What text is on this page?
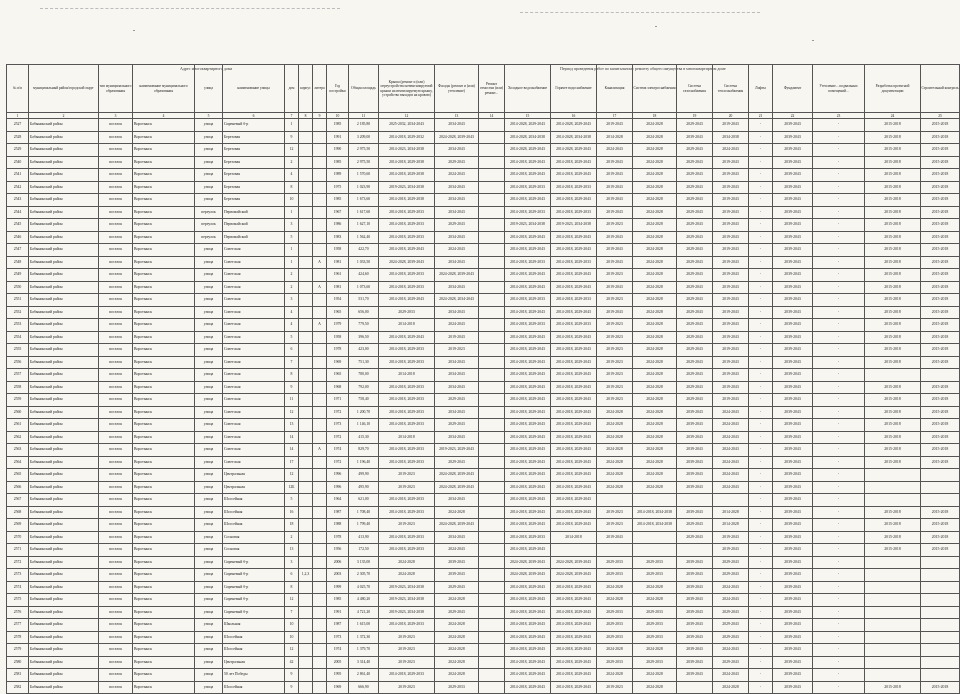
Адрес многоквартирного дома	Период проведения работ по капитальному ремонту общего имущества в многоквартирном доме
№ п/п	муниципальный район/городской округ	тип муниципального образования	наименование муниципального образования	улица	наименование улицы	дом	корпус	литера	Год постройки	Общая площадь	Крыша (ремонт и (или) переустройство невентилируемой крыши на вентилируемую крышу, устройство выходов на кровлю)	Фасады (ремонт и (или) утепление)	Ремонт отмостки (или) ремонт...	Холодное водоснабжение	Горячее водоснабжение	Канализация	Система электроснабжения	Система газоснабжения	Система теплоснабжения	Лифты	Фундамент	Утепление... подвальных помещений...	Разработка проектной документации	Строительный контроль
1	2	3	4	5	6	7	8	9	10	11	12	13	14	15	16	17	18	19	20	21	22	23	24	25
2527	Бабынинский район	поселок	Воротынск	улица	Сиреневый б-р	1			1985	2 185,80	2025-2032, 2034-2043	2034-2043		2014-2028, 2029-2043	2014-2028, 2029-2043	2019-2043	2024-2028	2029-2043	2019-2043	-	2039-2043	-	2015-2018	2015-2018
2528	Бабынинский район	поселок	Воротынск	улица	Березовая	9			1991	3 209,00	2014-2018, 2029-2032	2024-2028, 2039-2043		2014-2028, 2034-2038	2014-2028, 2034-2038	2014-2028	2024-2028	2039-2043	2034-2038	-	2039-2043	-	2015-2018	2015-2018
2529	Бабынинский район	поселок	Воротынск	улица	Березовая	12			1990	2 975,50	2014-2023, 2034-2038	2034-2043		2014-2028, 2029-2043	2014-2028, 2029-2043	2024-2043	2024-2028	2029-2043	2024-2043	-	2039-2043	-	2015-2018	2015-2018
2540	Бабынинский район	поселок	Воротынск	улица	Березовая	2			1985	2 975,50	2014-2018, 2029-2038	2029-2043		2014-2018, 2029-2043	2014-2018, 2029-2043	2019-2043	2024-2028	2029-2043	2019-2043	-	2039-2043	-	2015-2018	2015-2018
2541	Бабынинский район	поселок	Воротынск	улица	Березовая	4			1989	1 570,60	2014-2018, 2029-2038	2024-2043		2014-2018, 2029-2043	2014-2018, 2029-2043	2019-2043	2024-2028	2029-2043	2019-2043	-	2039-2043	-	2015-2018	2015-2018
2542	Бабынинский район	поселок	Воротынск	улица	Березовая	8			1975	1 023,90	2019-2023, 2034-2038	2034-2043		2014-2018, 2029-2033	2014-2018, 2029-2033	2019-2043	2024-2028	2029-2043	2019-2043	-	2039-2043	-	2015-2018	2015-2018
2543	Бабынинский район	поселок	Воротынск	улица	Березовая	10			1985	1 673,60	2014-2018, 2029-2038	2034-2043		2014-2018, 2029-2043	2014-2018, 2029-2043	2019-2043	2024-2028	2029-2043	2019-2043	-	2039-2043	-	2015-2018	2015-2018
2544	Бабынинский район	поселок	Воротынск	переулок	Первомайский	1			1967	1 617,60	2014-2018, 2029-2033	2034-2043		2014-2018, 2029-2033	2014-2018, 2029-2033	2019-2043	2024-2028	2029-2043	2019-2043	-	2039-2043	-	2015-2018	2015-2018
2545	Бабынинский район	поселок	Воротынск	переулок	Первомайский	3			1986	1 627,10	2014-2018, 2029-2033	2029-2043		2019-2023, 2034-2038	2019-2023, 2034-2038	2019-2023	2024-2028	2029-2043	2019-2043	-	2039-2043	-	2015-2018	2015-2018
2546	Бабынинский район	поселок	Воротынск	переулок	Первомайский	5			1983	1 562,40	2014-2018, 2029-2033	2034-2043		2014-2018, 2029-2043	2014-2018, 2029-2043	2019-2043	2024-2028	2029-2043	2019-2043	-	2039-2043	-	2015-2018	2015-2018
2547	Бабынинский район	поселок	Воротынск	улица	Советская	1			1958	422,70	2014-2018, 2029-2043	2024-2043		2014-2018, 2029-2043	2014-2018, 2029-2043	2019-2043	2024-2028	2029-2043	2019-2043	-	2039-2043	-	2015-2018	2015-2018
2548	Бабынинский район	поселок	Воротынск	улица	Советская	1		А	1981	1 033,50	2024-2028, 2039-2043	2034-2043		2014-2018, 2029-2033	2014-2018, 2029-2033	2019-2043	2024-2028	2029-2043	2019-2043	-	2039-2043	-	2015-2018	2015-2018
2549	Бабынинский район	поселок	Воротынск	улица	Советская	2			1961	424,60	2014-2018, 2029-2033	2024-2028, 2039-2043		2014-2018, 2029-2043	2014-2018, 2029-2043	2019-2023	2024-2028	2029-2043	2019-2043	-	2039-2043	-	2015-2018	2015-2018
2550	Бабынинский район	поселок	Воротынск	улица	Советская	2		А	1981	1 073,60	2014-2018, 2029-2033	2034-2043		2014-2018, 2029-2043	2014-2018, 2029-2043	2019-2043	2024-2028	2029-2043	2019-2043	-	2039-2043	-	2015-2018	2015-2018
2551	Бабынинский район	поселок	Воротынск	улица	Советская	3			1954	531,70	2014-2018, 2029-2043	2024-2028, 2034-2043		2014-2018, 2029-2033	2014-2018, 2029-2033	2019-2023	2024-2028	2029-2043	2019-2043	-	2039-2043	-	2015-2018	2015-2018
2552	Бабынинский район	поселок	Воротынск	улица	Советская	4			1965	656,00	2029-2033	2034-2043		2014-2018, 2029-2043	2014-2018, 2029-2043	2019-2043	2024-2028	2029-2043	2019-2043	-	2039-2043	-	2015-2018	2015-2018
2553	Бабынинский район	поселок	Воротынск	улица	Советская	4		А	1979	779,50	2014-2018	2024-2043		2014-2018, 2029-2033	2014-2018, 2029-2033	2019-2023	2024-2028	2029-2043	2019-2043	-	2039-2043	-	2015-2018	2015-2018
2554	Бабынинский район	поселок	Воротынск	улица	Советская	5			1958	396,50	2014-2018, 2029-2043	2019-2043		2014-2018, 2029-2043	2014-2018, 2029-2043	2019-2023	2024-2028	2029-2043	2019-2043	-	2039-2043	-	2015-2018	2015-2018
2555	Бабынинский район	поселок	Воротынск	улица	Советская	6			1978	423,00	2014-2018, 2029-2033	2019-2023		2014-2018, 2029-2043	2014-2018, 2029-2043	2019-2023	2024-2028	2029-2043	2019-2043	-	2039-2043	-	2015-2018	2015-2018
2556	Бабынинский район	поселок	Воротынск	улица	Советская	7			1969	751,30	2014-2018, 2029-2033	2034-2043		2014-2018, 2029-2043	2014-2018, 2029-2043	2019-2023	2024-2028	2029-2043	2019-2043	-	2039-2043	-	2015-2018	2015-2018
2557	Бабынинский район	поселок	Воротынск	улица	Советская	8			1965	780,00	2014-2018	2034-2043		2014-2018, 2029-2043	2014-2018, 2029-2043	2019-2023	2024-2028	2029-2043	2019-2043	-	2039-2043	-		
2558	Бабынинский район	поселок	Воротынск	улица	Советская	9			1968	792,00	2014-2018, 2029-2033	2034-2043		2014-2018, 2029-2043	2014-2018, 2029-2043	2019-2023	2024-2028	2029-2043	2019-2043	-	2039-2043	-	2015-2018	2015-2018
2559	Бабынинский район	поселок	Воротынск	улица	Советская	11			1971	758,40	2014-2018, 2029-2033	2029-2043		2014-2018, 2029-2043	2014-2018, 2029-2043	2019-2023	2024-2028	2029-2043	2019-2043	-	2039-2043	-	2015-2018	2015-2018
2560	Бабынинский район	поселок	Воротынск	улица	Советская	12			1972	1 200,70	2014-2018, 2029-2033	2034-2043		2014-2018, 2029-2043	2014-2018, 2029-2043	2024-2028	2024-2028	2039-2043	2024-2043	-	2039-2043	-	2015-2018	2015-2018
2561	Бабынинский район	поселок	Воротынск	улица	Советская	13			1973	1 146,10	2014-2018, 2029-2033	2029-2043		2014-2018, 2029-2043	2014-2018, 2029-2043	2024-2028	2024-2028	2039-2043	2024-2043	-	2039-2043	-	2015-2018	2015-2018
2562	Бабынинский район	поселок	Воротынск	улица	Советская	14			1972	415,30	2014-2018	2034-2043		2014-2018, 2029-2043	2014-2018, 2029-2043	2024-2028	2024-2028	2039-2043	2024-2043	-	2039-2043	-	2015-2018	2015-2018
2563	Бабынинский район	поселок	Воротынск	улица	Советская	14		А	1974	829,70	2014-2018, 2029-2033	2019-2023, 2029-2043		2014-2018, 2029-2043	2014-2018, 2029-2043	2024-2028	2024-2028	2039-2043	2024-2043	-	2039-2043	-	2015-2018	2015-2018
2564	Бабынинский район	поселок	Воротынск	улица	Советская	17			1972	1 196,40	2014-2018, 2029-2033	2029-2043		2014-2018, 2029-2043	2014-2018, 2029-2043	2024-2028	2024-2028	2039-2043	2024-2043	-	2039-2043	-	2015-2018	2015-2018
2565	Бабынинский район	поселок	Воротынск	улица	Центральная	12			1996	499,90	2019-2023	2024-2028, 2039-2043		2014-2018, 2029-2043	2014-2018, 2029-2043	2024-2028	2024-2028	2039-2043	2024-2043	-	2039-2043	-		
2566	Бабынинский район	поселок	Воротынск	улица	Центральная	12Б			1996	495,90	2019-2023	2024-2028, 2039-2043		2014-2018, 2029-2043	2014-2018, 2029-2043	2024-2028	2024-2028	2039-2043	2024-2043	-	2039-2043	-		
2567	Бабынинский район	поселок	Воротынск	улица	Шоссейная	5			1964	621,00	2014-2018, 2029-2033	2034-2043		2014-2018, 2029-2043	2014-2018, 2029-2043					-	2039-2043	-		
2568	Бабынинский район	поселок	Воротынск	улица	Шоссейная	16			1987	1 708,40	2014-2018, 2029-2033	2024-2028		2014-2018, 2029-2043	2014-2018, 2029-2043	2019-2023	2014-2018, 2034-2038	2039-2043	2014-2028	-	2039-2043	-	2015-2018	2015-2018
2569	Бабынинский район	поселок	Воротынск	улица	Шоссейная	18			1988	1 799,40	2019-2023	2024-2028, 2039-2043		2014-2018, 2029-2043	2014-2018, 2029-2043	2019-2023	2014-2018, 2034-2038	2029-2043	2014-2028	-	2039-2043	-	2015-2018	2015-2018
2570	Бабынинский район	поселок	Воротынск	улица	Сосновая	2			1978	413,90	2014-2018, 2029-2033	2034-2043		2014-2018, 2029-2033	2014-2018	2019-2043		2029-2043	2019-2043	-	2039-2043	-	2015-2018	2015-2018
2571	Бабынинский район	поселок	Воротынск	улица	Сосновая	13			1956	172,50	2014-2018, 2029-2033	2024-2043		2014-2018, 2029-2043					2019-2043	-	2039-2043	-	2015-2018	2015-2018
2572	Бабынинский район	поселок	Воротынск	улица	Сиреневый б-р	3			2006	3 135,00	2024-2028	2039-2043		2024-2028, 2039-2043	2024-2028, 2039-2043	2029-2033	2029-2033	2039-2043	2029-2043	-	2039-2043	-		
2573	Бабынинский район	поселок	Воротынск	улица	Сиреневый б-р	6	1,2,3		2003	2 305,70	2024-2028	2039-2043		2024-2028, 2039-2043	2024-2028, 2039-2043	2029-2033	2029-2033	2039-2043	2029-2043	-	2039-2043	-		
2574	Бабынинский район	поселок	Воротынск	улица	Сиреневый б-р	8			1999	4 025,70	2019-2023, 2034-2038	2029-2043		2014-2018, 2029-2043	2014-2018, 2029-2043	2024-2028	2024-2028	2039-2043	2024-2043	-	2039-2043	-		
2575	Бабынинский район	поселок	Воротынск	улица	Сиреневый б-р	12			1985	4 480,20	2019-2023, 2034-2038	2024-2028		2014-2018, 2029-2043	2014-2018, 2029-2043	2024-2028	2024-2028	2039-2043	2024-2043	-	2039-2043	-		
2576	Бабынинский район	поселок	Воротынск	улица	Сиреневый б-р	7			1991	4 721,20	2019-2023, 2034-2038	2029-2043		2014-2018, 2029-2043	2014-2018, 2029-2043	2029-2033	2029-2033	2039-2043	2029-2043	-	2039-2043	-		
2577	Бабынинский район	поселок	Воротынск	улица	Школьная	10			1987	1 615,00	2014-2018, 2029-2033	2024-2028		2014-2018, 2029-2043	2014-2018, 2029-2043	2029-2033	2029-2033	2039-2043	2029-2043	-	2039-2043	-		
2578	Бабынинский район	поселок	Воротынск	улица	Шоссейная	10			1973	1 372,30	2019-2023	2024-2028		2014-2018, 2029-2043	2014-2018, 2029-2043	2029-2033	2029-2033	2039-2043	2029-2043	-	2039-2043	-		
2579	Бабынинский район	поселок	Воротынск	улица	Шоссейная	12			1974	1 379,70	2019-2023	2024-2028		2014-2018, 2029-2043	2014-2018, 2029-2043	2024-2028	2024-2028	2039-2043	2024-2043	-	2039-2043	-		
2580	Бабынинский район	поселок	Воротынск	улица	Центральная	42			2005	3 314,40	2019-2023	2024-2028		2014-2018, 2029-2043	2014-2018, 2029-2043	2029-2033	2029-2033	2039-2043	2029-2043	-	2039-2043	-		
2581	Бабынинский район	поселок	Воротынск	улица	50 лет Победы	9			1995	2 861,40	2014-2018, 2029-2033	2024-2028		2014-2018, 2029-2043	2014-2018, 2029-2043	2024-2028	2024-2028	2039-2043	2024-2043	-	2039-2043	-		
2582	Бабынинский район	поселок	Воротынск	улица	Шоссейная	9			1969	666,90	2019-2023	2029-2033		2014-2018, 2029-2043	2014-2018, 2029-2043	2019-2023	2024-2028		2024-2028	-	2039-2043	-	2015-2018	2015-2018
